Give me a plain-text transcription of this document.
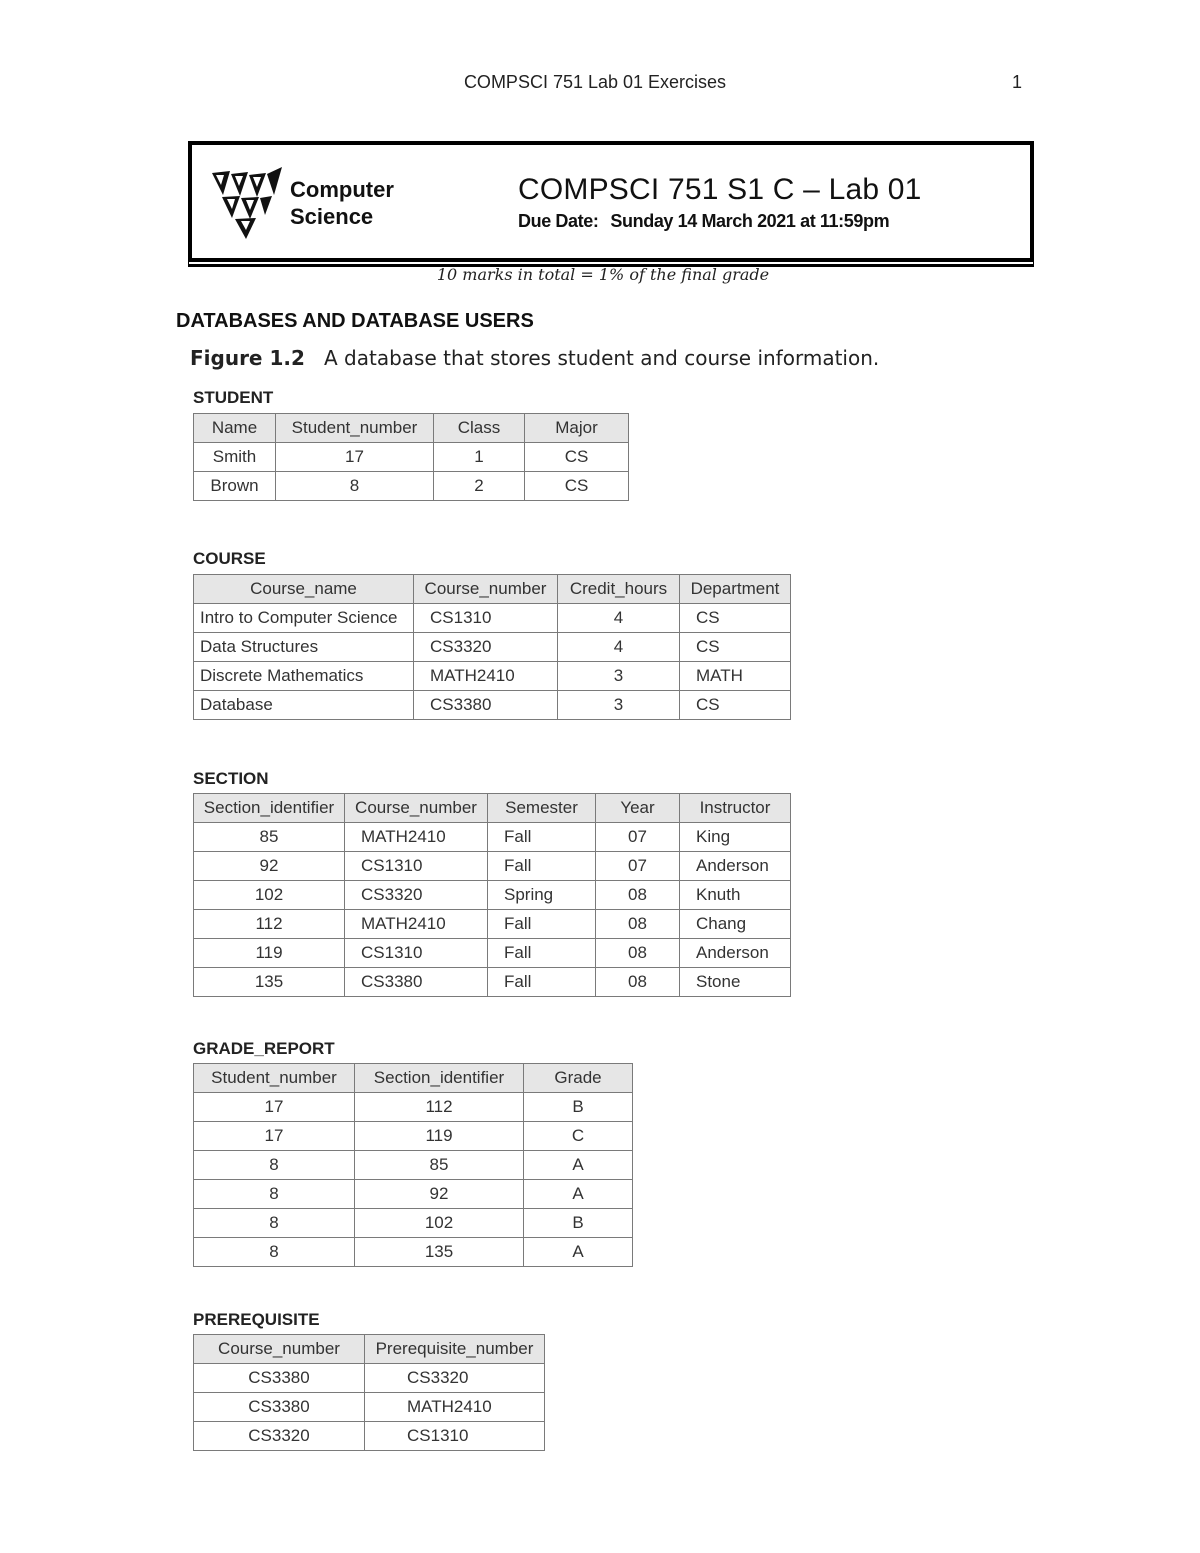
COMPSCI 751 Lab 01 Exercises	1
Computer
Science
COMPSCI 751 S1 C – Lab 01
Due Date: Sunday 14 March 2021 at 11:59pm
10 marks in total = 1% of the final grade
DATABASES AND DATABASE USERS
Figure 1.2 A database that stores student and course information.
STUDENT
Name	Student_number	Class	Major
Smith	17	1	CS
Brown	8	2	CS
COURSE
Course_name	Course_number	Credit_hours	Department
Intro to Computer Science	CS1310	4	CS
Data Structures	CS3320	4	CS
Discrete Mathematics	MATH2410	3	MATH
Database	CS3380	3	CS
SECTION
Section_identifier	Course_number	Semester	Year	Instructor
85	MATH2410	Fall	07	King
92	CS1310	Fall	07	Anderson
102	CS3320	Spring	08	Knuth
112	MATH2410	Fall	08	Chang
119	CS1310	Fall	08	Anderson
135	CS3380	Fall	08	Stone
GRADE_REPORT
Student_number	Section_identifier	Grade
17	112	B
17	119	C
8	85	A
8	92	A
8	102	B
8	135	A
PREREQUISITE
Course_number	Prerequisite_number
CS3380	CS3320
CS3380	MATH2410
CS3320	CS1310
